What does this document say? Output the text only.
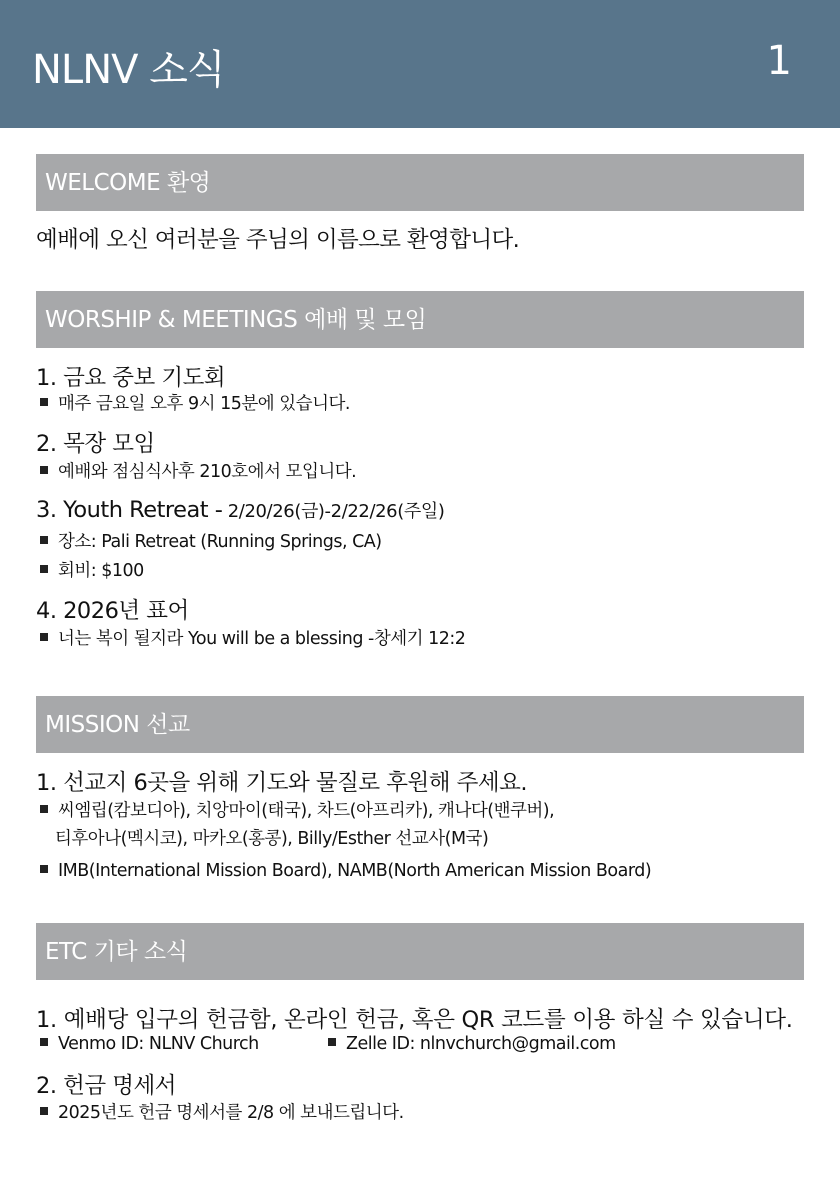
NLNV 소식	1
WELCOME 환영
예배에 오신 여러분을 주님의 이름으로 환영합니다.
WORSHIP & MEETINGS 예배 및 모임
1. 금요 중보 기도회
매주 금요일 오후 9시 15분에 있습니다.
2. 목장 모임
예배와 점심식사후 210호에서 모입니다.
3. Youth Retreat - 2/20/26(금)-2/22/26(주일)
장소: Pali Retreat (Running Springs, CA)
회비: $100
4. 2026년 표어
너는 복이 될지라 You will be a blessing -창세기 12:2
MISSION 선교
1. 선교지 6곳을 위해 기도와 물질로 후원해 주세요.
씨엠립(캄보디아), 치앙마이(태국), 차드(아프리카), 캐나다(밴쿠버),
티후아나(멕시코), 마카오(홍콩), Billy/Esther 선교사(M국)
IMB(International Mission Board), NAMB(North American Mission Board)
ETC 기타 소식
1. 예배당 입구의 헌금함, 온라인 헌금, 혹은 QR 코드를 이용 하실 수 있습니다.
Venmo ID: NLNV Church	Zelle ID: nlnvchurch@gmail.com
2. 헌금 명세서
2025년도 헌금 명세서를 2/8 에 보내드립니다.
